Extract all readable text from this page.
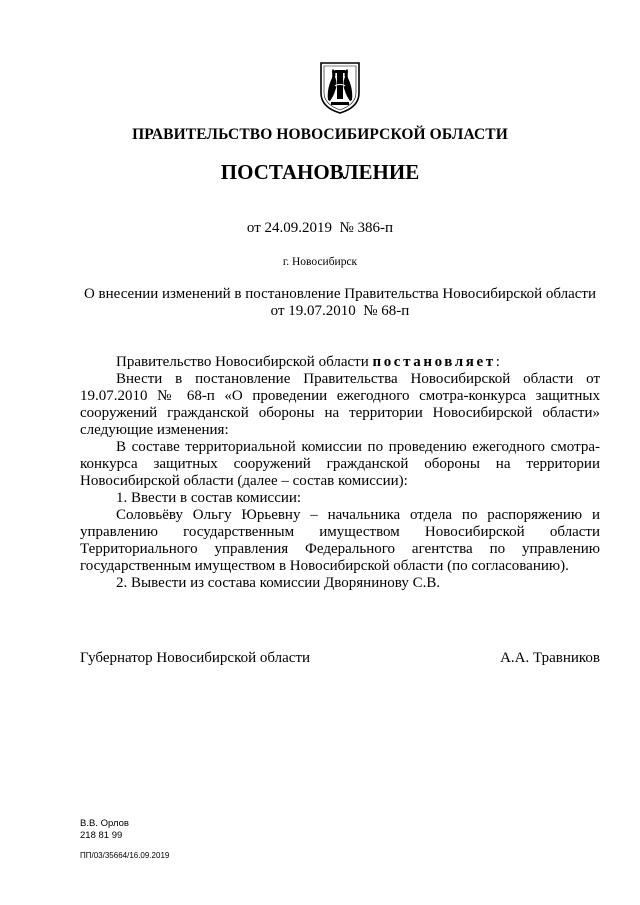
ПРАВИТЕЛЬСТВО НОВОСИБИРСКОЙ ОБЛАСТИ
ПОСТАНОВЛЕНИЕ
от 24.09.2019  № 386-п
г. Новосибирск
О внесении изменений в постановление Правительства Новосибирской области
от 19.07.2010  № 68-п

Правительство Новосибирской области постановляет:

Внести в постановление Правительства Новосибирской области от 19.07.2010 № 68-п «О проведении ежегодного смотра-конкурса защитных сооружений гражданской обороны на территории Новосибирской области» следующие изменения:

В составе территориальной комиссии по проведению ежегодного смотра-конкурса защитных сооружений гражданской обороны на территории Новосибирской области (далее – состав комиссии):

1. Ввести в состав комиссии:

Соловьёву Ольгу Юрьевну – начальника отдела по распоряжению и управлению государственным имуществом Новосибирской области Территориального управления Федерального агентства по управлению государственным имуществом в Новосибирской области (по согласованию).

2. Вывести из состава комиссии Дворянинову С.В.

Губернатор Новосибирской области	А.А. Травников
В.В. Орлов
218 81 99
ПП/03/35664/16.09.2019
